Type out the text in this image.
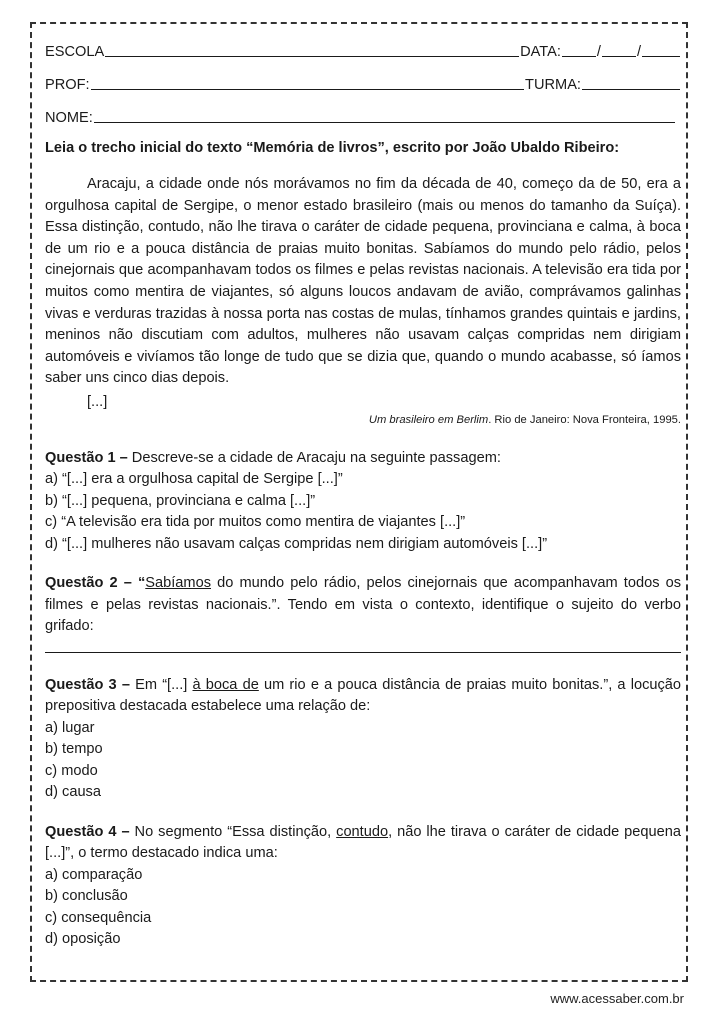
ESCOLA	DATA: / /
PROF:	TURMA:
NOME:
Leia o trecho inicial do texto “Memória de livros”, escrito por João Ubaldo Ribeiro:

Aracaju, a cidade onde nós morávamos no fim da década de 40, começo da de 50, era a orgulhosa capital de Sergipe, o menor estado brasileiro (mais ou menos do tamanho da Suíça). Essa distinção, contudo, não lhe tirava o caráter de cidade pequena, provinciana e calma, à boca de um rio e a pouca distância de praias muito bonitas. Sabíamos do mundo pelo rádio, pelos cinejornais que acompanhavam todos os filmes e pelas revistas nacionais. A televisão era tida por muitos como mentira de viajantes, só alguns loucos andavam de avião, comprávamos galinhas vivas e verduras trazidas à nossa porta nas costas de mulas, tínhamos grandes quintais e jardins, meninos não discutiam com adultos, mulheres não usavam calças compridas nem dirigiam automóveis e vivíamos tão longe de tudo que se dizia que, quando o mundo acabasse, só íamos saber uns cinco dias depois.

[...]
Um brasileiro em Berlim. Rio de Janeiro: Nova Fronteira, 1995.

Questão 1 – Descreve-se a cidade de Aracaju na seguinte passagem:

a) “[...] era a orgulhosa capital de Sergipe [...]”
b) “[...] pequena, provinciana e calma [...]”
c) “A televisão era tida por muitos como mentira de viajantes [...]”
d) “[...] mulheres não usavam calças compridas nem dirigiam automóveis [...]”

Questão 2 – “Sabíamos do mundo pelo rádio, pelos cinejornais que acompanhavam todos os filmes e pelas revistas nacionais.”. Tendo em vista o contexto, identifique o sujeito do verbo grifado:

Questão 3 – Em “[...] à boca de um rio e a pouca distância de praias muito bonitas.”, a locução prepositiva destacada estabelece uma relação de:

a) lugar
b) tempo
c) modo
d) causa

Questão 4 – No segmento “Essa distinção, contudo, não lhe tirava o caráter de cidade pequena [...]”, o termo destacado indica uma:

a) comparação
b) conclusão
c) consequência
d) oposição
www.acessaber.com.br
